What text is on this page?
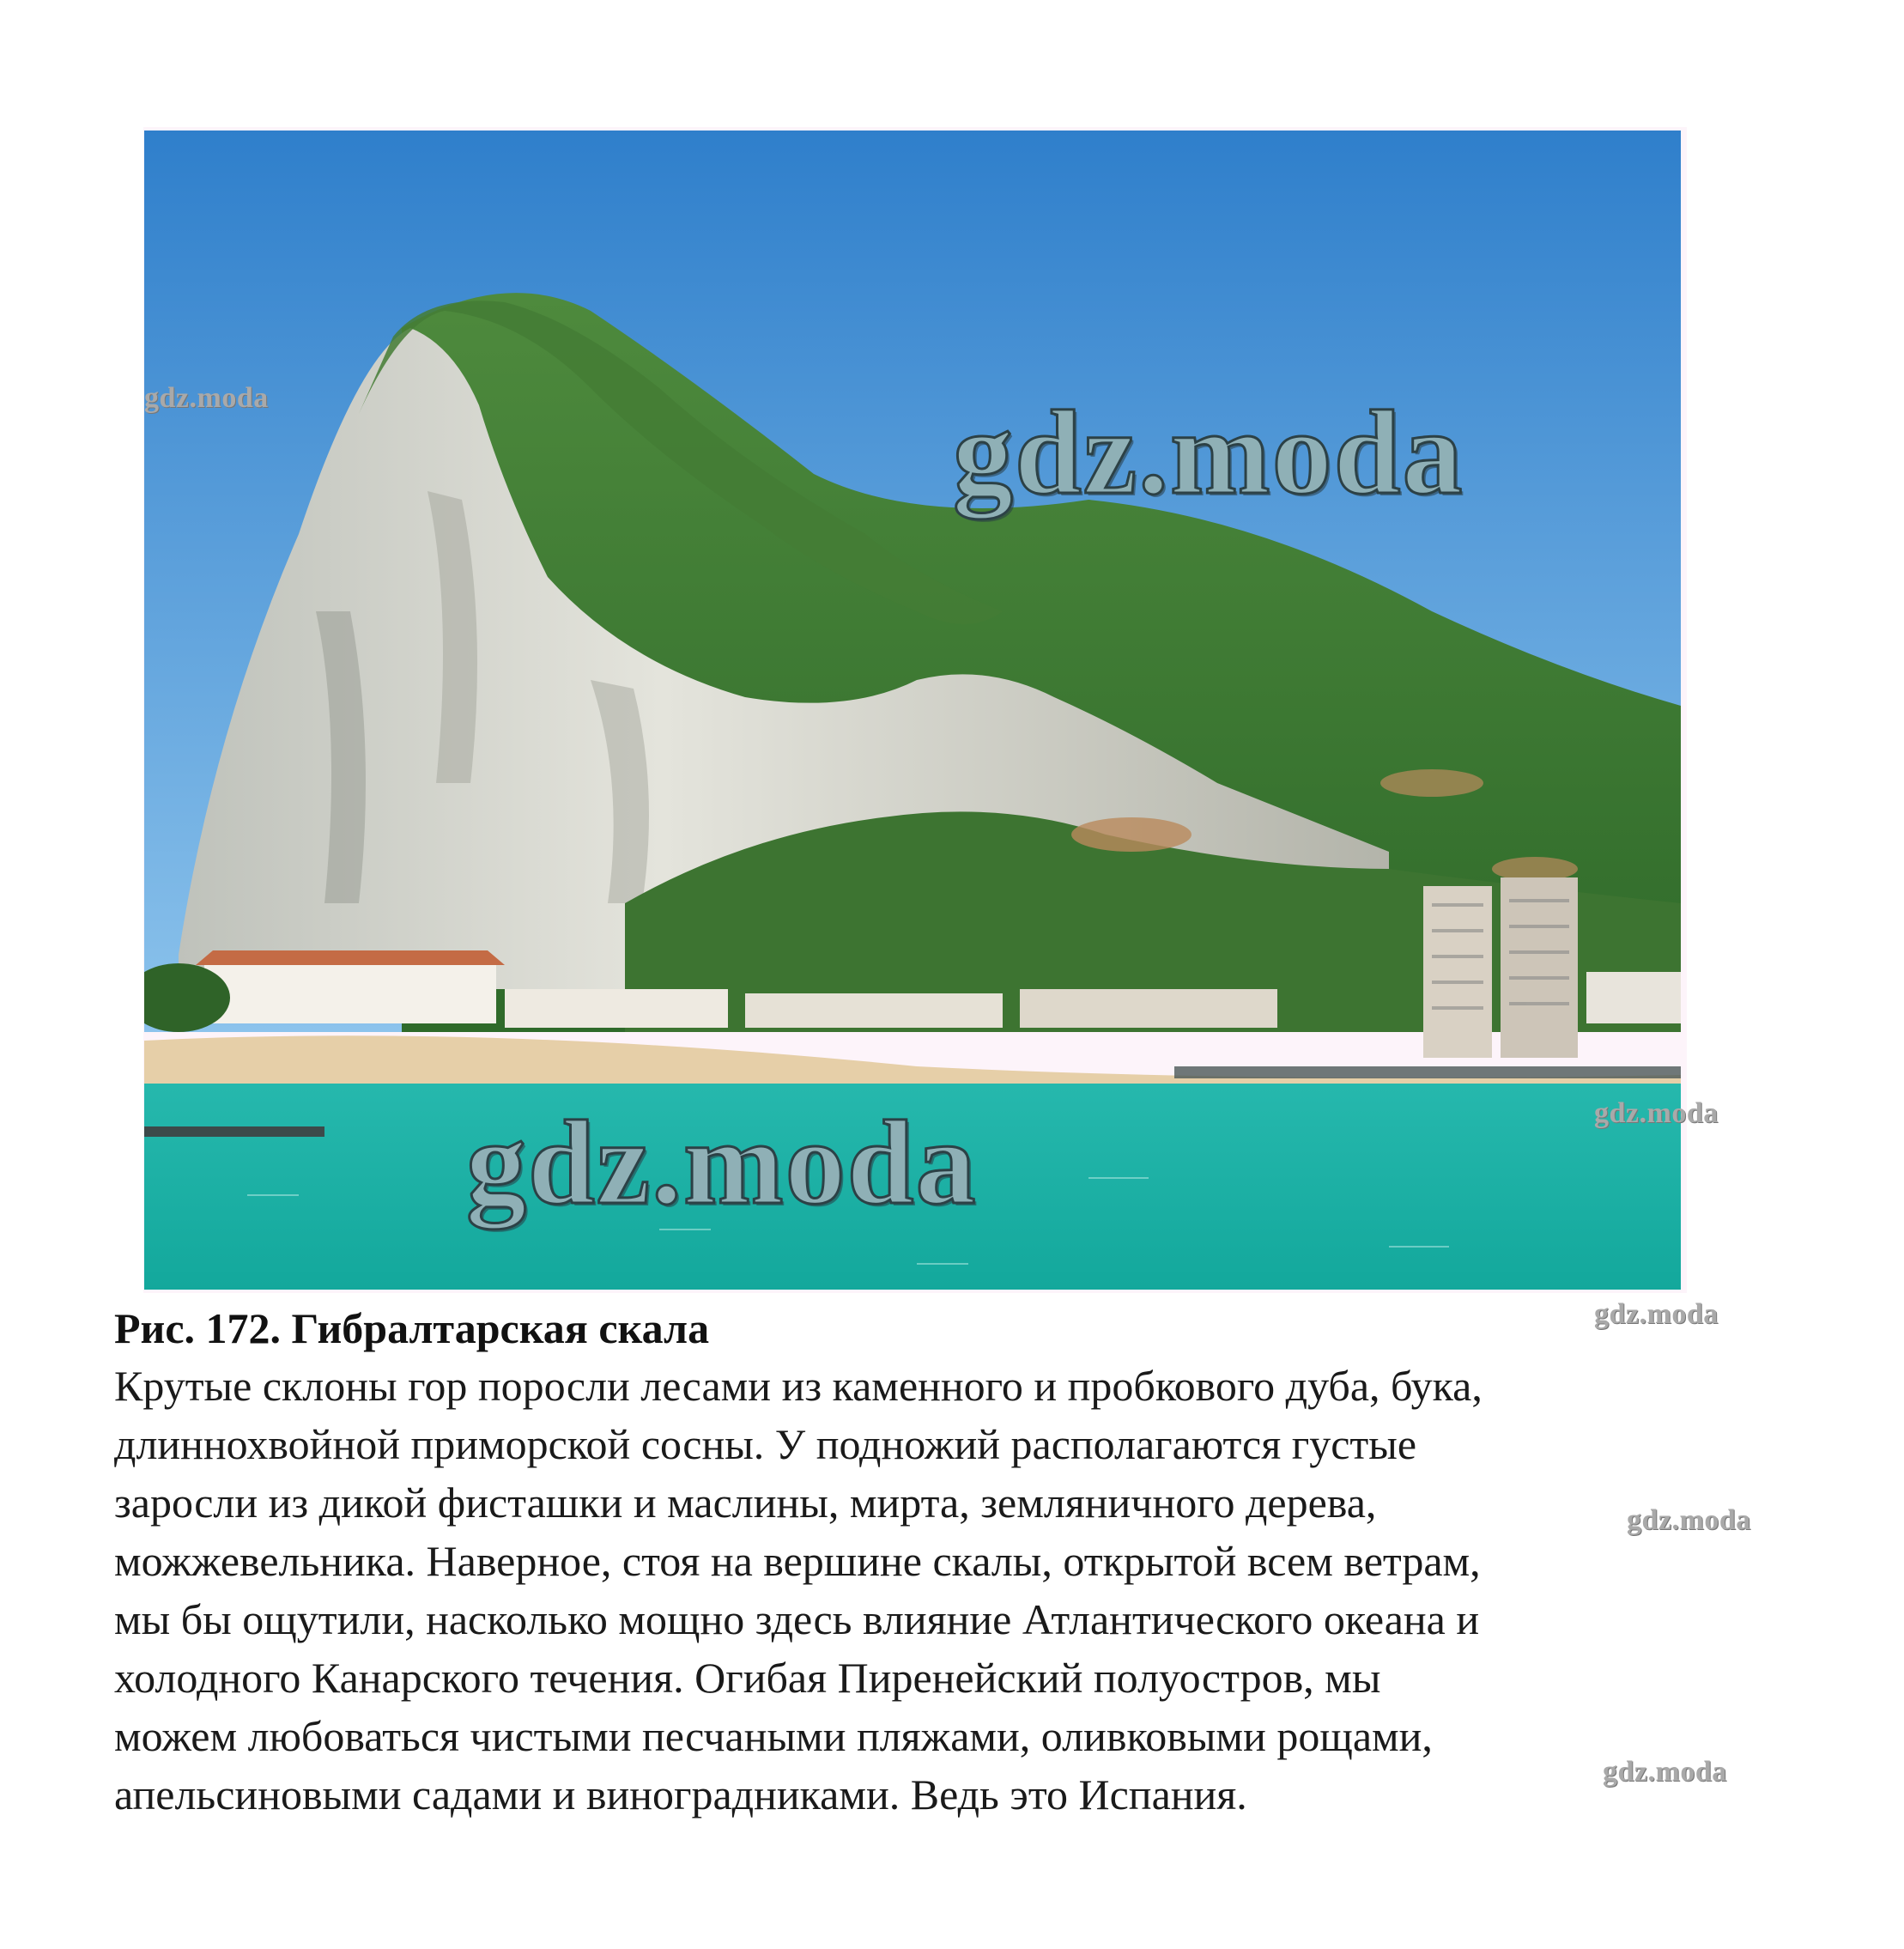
gdz.moda	gdz.moda
gdz.moda	gdz.moda
gdz.moda
gdz.moda
gdz.moda
Рис. 172. Гибралтарская скала
Крутые склоны гор поросли лесами из каменного и пробкового дуба, бука,
длиннохвойной приморской сосны. У подножий располагаются густые
заросли из дикой фисташки и маслины, мирта, земляничного дерева,
можжевельника. Наверное, стоя на вершине скалы, открытой всем ветрам,
мы бы ощутили, насколько мощно здесь влияние Атлантического океана и
холодного Канарского течения. Огибая Пиренейский полуостров, мы
можем любоваться чистыми песчаными пляжами, оливковыми рощами,
апельсиновыми садами и виноградниками. Ведь это Испания.
